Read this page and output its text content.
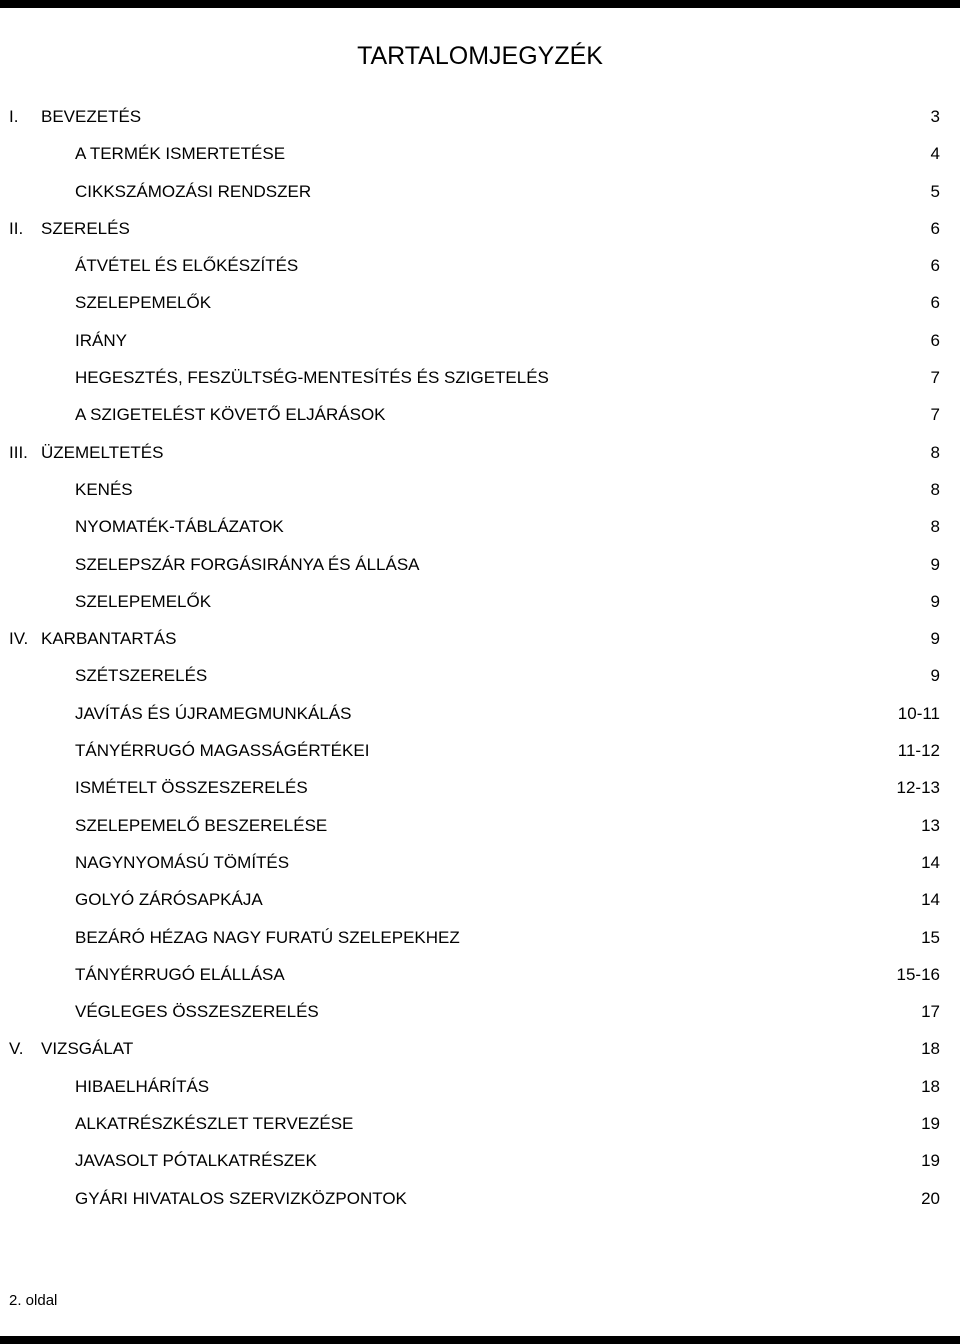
TARTALOMJEGYZÉK
I. BEVEZETÉS	3
A TERMÉK ISMERTETÉSE	4
CIKKSZÁMOZÁSI RENDSZER	5
II. SZERELÉS	6
ÁTVÉTEL ÉS ELŐKÉSZÍTÉS	6
SZELEPEMELŐK	6
IRÁNY	6
HEGESZTÉS, FESZÜLTSÉG-MENTESÍTÉS ÉS SZIGETELÉS	7
A SZIGETELÉST KÖVETŐ ELJÁRÁSOK	7
III. ÜZEMELTETÉS	8
KENÉS	8
NYOMATÉK-TÁBLÁZATOK	8
SZELEPSZÁR FORGÁSIRÁNYA ÉS ÁLLÁSA	9
SZELEPEMELŐK	9
IV. KARBANTARTÁS	9
SZÉTSZERELÉS	9
JAVÍTÁS ÉS ÚJRAMEGMUNKÁLÁS	10-11
TÁNYÉRRUGÓ MAGASSÁGÉRTÉKEI	11-12
ISMÉTELT ÖSSZESZERELÉS	12-13
SZELEPEMELŐ BESZERELÉSE	13
NAGYNYOMÁSÚ TÖMÍTÉS	14
GOLYÓ ZÁRÓSAPKÁJA	14
BEZÁRÓ HÉZAG NAGY FURATÚ SZELEPEKHEZ	15
TÁNYÉRRUGÓ ELÁLLÁSA	15-16
VÉGLEGES ÖSSZESZERELÉS	17
V. VIZSGÁLAT	18
HIBAELHÁRÍTÁS	18
ALKATRÉSZKÉSZLET TERVEZÉSE	19
JAVASOLT PÓTALKATRÉSZEK	19
GYÁRI HIVATALOS SZERVIZKÖZPONTOK	20
2. oldal
